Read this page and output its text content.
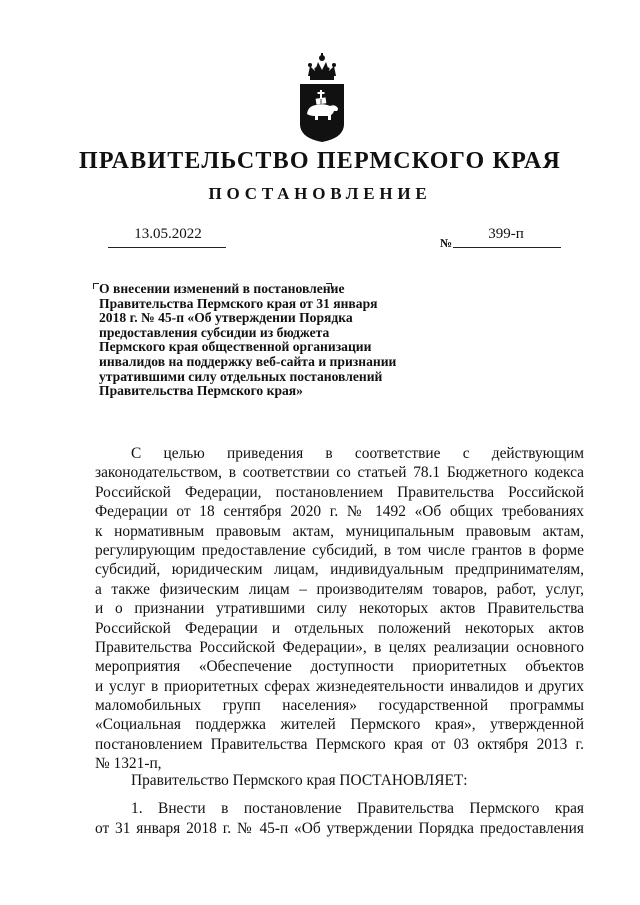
ПРАВИТЕЛЬСТВО ПЕРМСКОГО КРАЯ
ПОСТАНОВЛЕНИЕ
13.05.2022
№
399-п
О внесении изменений в постановление
Правительства Пермского края от 31 января
2018 г. № 45-п «Об утверждении Порядка
предоставления субсидии из бюджета
Пермского края общественной организации
инвалидов на поддержку веб-сайта и признании
утратившими силу отдельных постановлений
Правительства Пермского края»
С целью приведения в соответствие с действующим
законодательством, в соответствии со статьей 78.1 Бюджетного кодекса
Российской Федерации, постановлением Правительства Российской
Федерации от 18 сентября 2020 г. № 1492 «Об общих требованиях
к нормативным правовым актам, муниципальным правовым актам,
регулирующим предоставление субсидий, в том числе грантов в форме
субсидий, юридическим лицам, индивидуальным предпринимателям,
а также физическим лицам – производителям товаров, работ, услуг,
и о признании утратившими силу некоторых актов Правительства
Российской Федерации и отдельных положений некоторых актов
Правительства Российской Федерации», в целях реализации основного
мероприятия «Обеспечение доступности приоритетных объектов
и услуг в приоритетных сферах жизнедеятельности инвалидов и других
маломобильных групп населения» государственной программы
«Социальная поддержка жителей Пермского края», утвержденной
постановлением Правительства Пермского края от 03 октября 2013 г.
№ 1321-п,
Правительство Пермского края ПОСТАНОВЛЯЕТ:
1. Внести в постановление Правительства Пермского края
от 31 января 2018 г. № 45-п «Об утверждении Порядка предоставления
